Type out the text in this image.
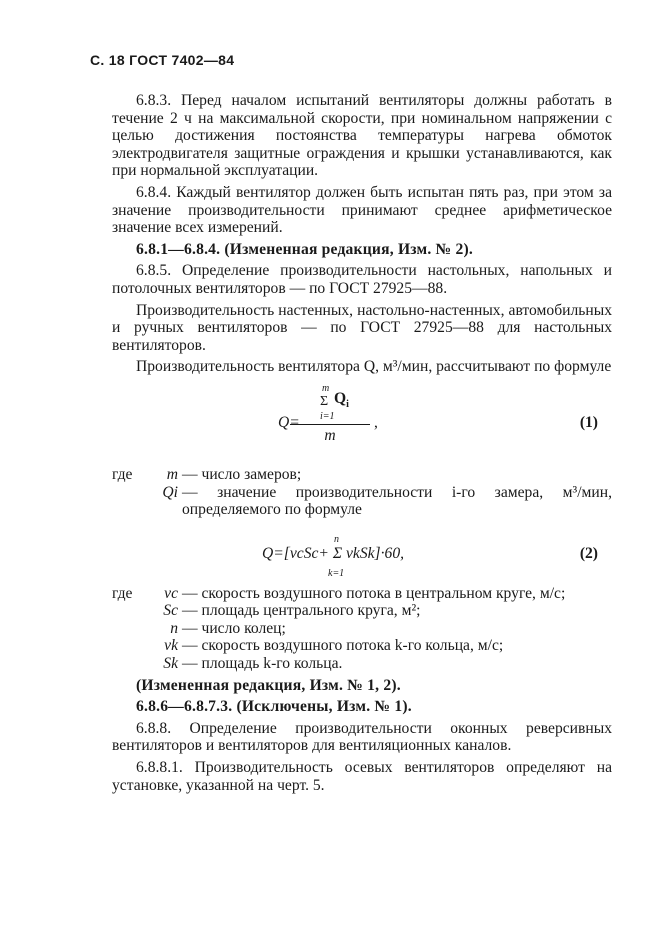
С. 18 ГОСТ 7402—84

6.8.3. Перед началом испытаний вентиляторы должны работать в течение 2 ч на максимальной скорости, при номинальном напряжении с целью достижения постоянства температуры нагрева обмоток электродвигателя защитные ограждения и крышки устанавливаются, как при нормальной эксплуатации.

6.8.4. Каждый вентилятор должен быть испытан пять раз, при этом за значение производительности принимают среднее арифметическое значение всех измерений.

6.8.1—6.8.4. (Измененная редакция, Изм. № 2).

6.8.5. Определение производительности настольных, напольных и потолочных вентиляторов — по ГОСТ 27925—88.

Производительность настенных, настольно-настенных, автомобильных и ручных вентиляторов — по ГОСТ 27925—88 для настольных вентиляторов.

Производительность вентилятора Q, м³/мин, рассчитывают по формуле

Q=
m
Σ $Q_i$
i=1
m
,	(1)
где	m — число замеров;
Qi — значение производительности i-го замера, м³/мин, определяемого по формуле
n
Q=[vcSc+ Σ vkSk]·60,
k=1
(2)
где	vc — скорость воздушного потока в центральном круге, м/с;
Sc — площадь центрального круга, м²;
n — число колец;
vk — скорость воздушного потока k-го кольца, м/с;
Sk — площадь k-го кольца.

(Измененная редакция, Изм. № 1, 2).

6.8.6—6.8.7.3. (Исключены, Изм. № 1).

6.8.8. Определение производительности оконных реверсивных вентиляторов и вентиляторов для вентиляционных каналов.

6.8.8.1. Производительность осевых вентиляторов определяют на установке, указанной на черт. 5.
